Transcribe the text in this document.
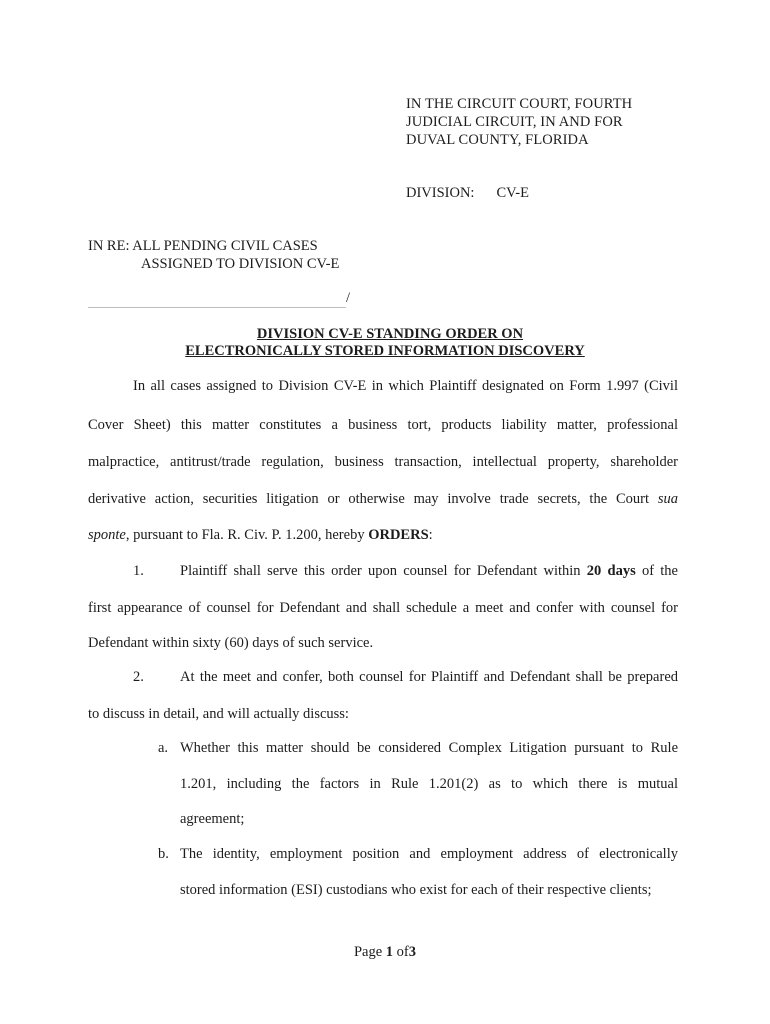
IN THE CIRCUIT COURT, FOURTH
JUDICIAL CIRCUIT, IN AND FOR
DUVAL COUNTY, FLORIDA
DIVISION: CV-E
IN RE: ALL PENDING CIVIL CASES
ASSIGNED TO DIVISION CV-E
/
DIVISION CV-E STANDING ORDER ON
ELECTRONICALLY STORED INFORMATION DISCOVERY
In all cases assigned to Division CV-E in which Plaintiff designated on Form 1.997 (Civil
Cover Sheet) this matter constitutes a business tort, products liability matter, professional
malpractice, antitrust/trade regulation, business transaction, intellectual property, shareholder
derivative action, securities litigation or otherwise may involve trade secrets, the Court sua
sponte, pursuant to Fla. R. Civ. P. 1.200, hereby ORDERS:
1. Plaintiff shall serve this order upon counsel for Defendant within 20 days of the
first appearance of counsel for Defendant and shall schedule a meet and confer with counsel for
Defendant within sixty (60) days of such service.
2. At the meet and confer, both counsel for Plaintiff and Defendant shall be prepared
to discuss in detail, and will actually discuss:
a. Whether this matter should be considered Complex Litigation pursuant to Rule
1.201, including the factors in Rule 1.201(2) as to which there is mutual
agreement;
b. The identity, employment position and employment address of electronically
stored information (ESI) custodians who exist for each of their respective clients;
Page 1 of3
